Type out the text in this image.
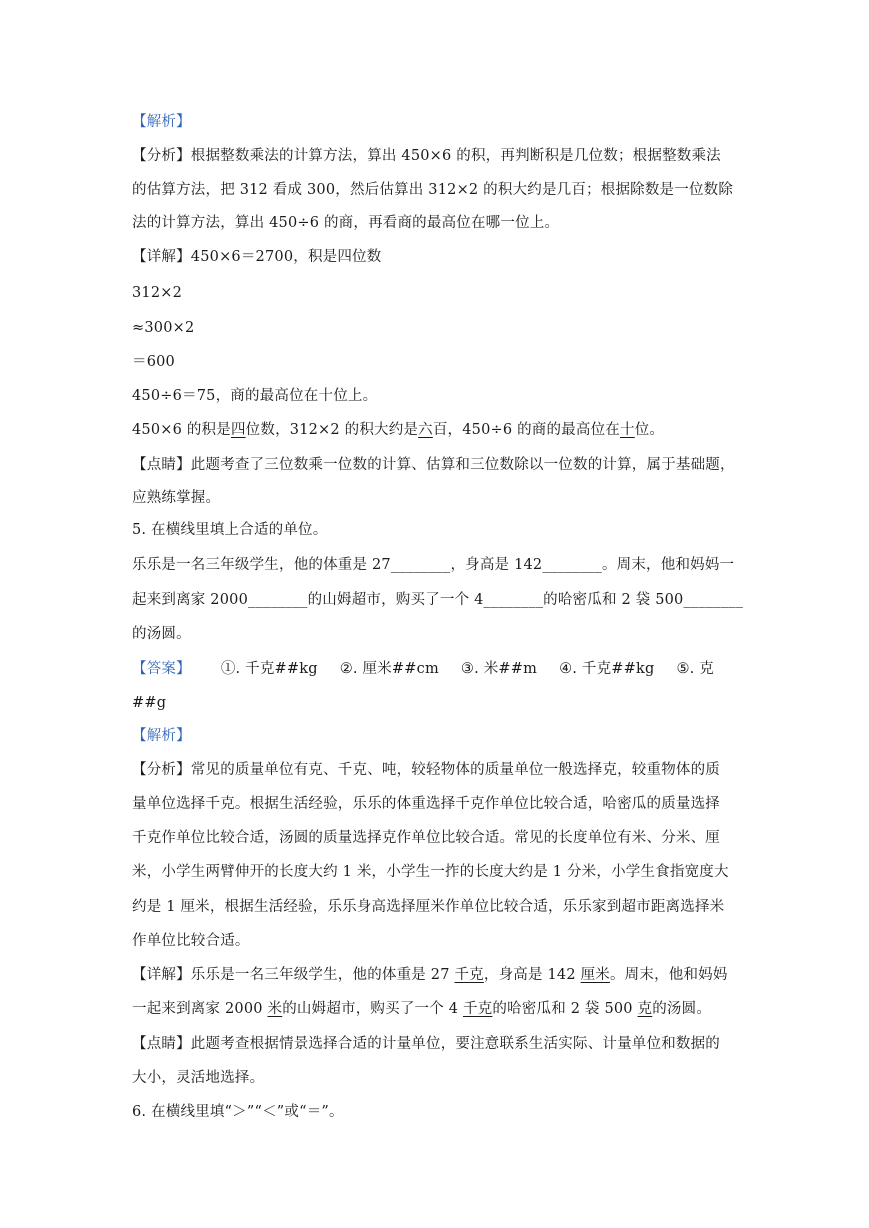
【解析】
【分析】根据整数乘法的计算方法，算出 450×6 的积，再判断积是几位数；根据整数乘法
的估算方法，把 312 看成 300，然后估算出 312×2 的积大约是几百；根据除数是一位数除
法的计算方法，算出 450÷6 的商，再看商的最高位在哪一位上。
【详解】450×6＝2700，积是四位数
312×2
≈300×2
＝600
450÷6＝75，商的最高位在十位上。
450×6 的积是四位数，312×2 的积大约是六百，450÷6 的商的最高位在十位。
【点睛】此题考查了三位数乘一位数的计算、估算和三位数除以一位数的计算，属于基础题，
应熟练掌握。
5. 在横线里填上合适的单位。
乐乐是一名三年级学生，他的体重是 27________，身高是 142________。周末，他和妈妈一
起来到离家 2000________的山姆超市，购买了一个 4________的哈密瓜和 2 袋 500________
的汤圆。
【答案】 ①. 千克##kg ②. 厘米##cm ③. 米##m ④. 千克##kg ⑤. 克
##g
【解析】
【分析】常见的质量单位有克、千克、吨，较轻物体的质量单位一般选择克，较重物体的质
量单位选择千克。根据生活经验，乐乐的体重选择千克作单位比较合适，哈密瓜的质量选择
千克作单位比较合适，汤圆的质量选择克作单位比较合适。常见的长度单位有米、分米、厘
米，小学生两臂伸开的长度大约 1 米，小学生一拃的长度大约是 1 分米，小学生食指宽度大
约是 1 厘米，根据生活经验，乐乐身高选择厘米作单位比较合适，乐乐家到超市距离选择米
作单位比较合适。
【详解】乐乐是一名三年级学生，他的体重是 27 千克，身高是 142 厘米。周末，他和妈妈
一起来到离家 2000 米的山姆超市，购买了一个 4 千克的哈密瓜和 2 袋 500 克的汤圆。
【点睛】此题考查根据情景选择合适的计量单位，要注意联系生活实际、计量单位和数据的
大小，灵活地选择。
6. 在横线里填“＞”“＜”或“＝”。
